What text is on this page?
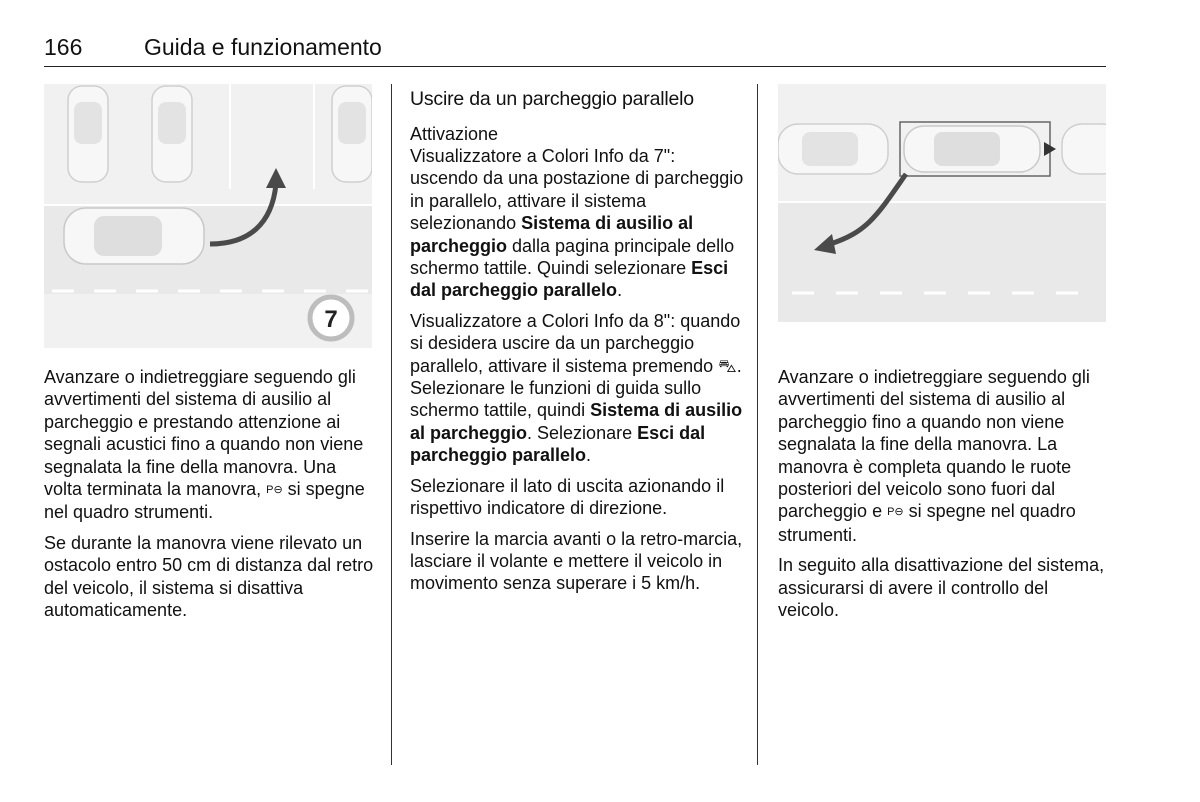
166	Guida e funzionamento
7

Avanzare o indietreggiare seguendo gli avvertimenti del sistema di ausilio al parcheggio e prestando attenzione ai segnali acustici fino a quando non viene segnalata la fine della manovra. Una volta terminata la manovra, P⊖ si spegne nel quadro strumenti.

Se durante la manovra viene rilevato un ostacolo entro 50 cm di distanza dal retro del veicolo, il sistema si disattiva automaticamente.

Uscire da un parcheggio parallelo
Attivazione

Visualizzatore a Colori Info da 7": uscendo da una postazione di parcheggio in parallelo, attivare il sistema selezionando Sistema di ausilio al parcheggio dalla pagina principale dello schermo tattile. Quindi selezionare Esci dal parcheggio parallelo.

Visualizzatore a Colori Info da 8": quando si desidera uscire da un parcheggio parallelo, attivare il sistema premendo ⛍. Selezionare le funzioni di guida sullo schermo tattile, quindi Sistema di ausilio al parcheggio. Selezionare Esci dal parcheggio parallelo.

Selezionare il lato di uscita azionando il rispettivo indicatore di direzione.

Inserire la marcia avanti o la retro-marcia, lasciare il volante e mettere il veicolo in movimento senza superare i 5 km/h.

Avanzare o indietreggiare seguendo gli avvertimenti del sistema di ausilio al parcheggio fino a quando non viene segnalata la fine della manovra. La manovra è completa quando le ruote posteriori del veicolo sono fuori dal parcheggio e P⊖ si spegne nel quadro strumenti.

In seguito alla disattivazione del sistema, assicurarsi di avere il controllo del veicolo.
